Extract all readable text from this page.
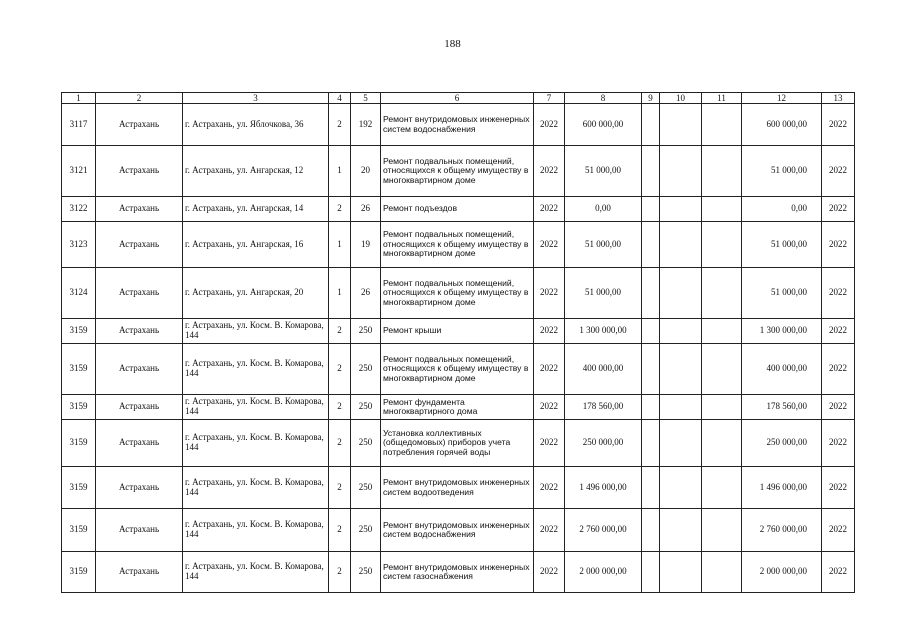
188
1	2	3	4	5	6	7	8	9	10	11	12	13
3117	Астрахань	г. Астрахань, ул. Яблочкова, 36	2	192	Ремонт внутридомовых инженерных систем водоснабжения	2022	600 000,00				600 000,00	2022
3121	Астрахань	г. Астрахань, ул. Ангарская, 12	1	20	Ремонт подвальных помещений, относящихся к общему имуществу в многоквартирном доме	2022	51 000,00				51 000,00	2022
3122	Астрахань	г. Астрахань, ул. Ангарская, 14	2	26	Ремонт подъездов	2022	0,00				0,00	2022
3123	Астрахань	г. Астрахань, ул. Ангарская, 16	1	19	Ремонт подвальных помещений, относящихся к общему имуществу в многоквартирном доме	2022	51 000,00				51 000,00	2022
3124	Астрахань	г. Астрахань, ул. Ангарская, 20	1	26	Ремонт подвальных помещений, относящихся к общему имуществу в многоквартирном доме	2022	51 000,00				51 000,00	2022
3159	Астрахань	г. Астрахань, ул. Косм. В. Комарова, 144	2	250	Ремонт крыши	2022	1 300 000,00				1 300 000,00	2022
3159	Астрахань	г. Астрахань, ул. Косм. В. Комарова, 144	2	250	Ремонт подвальных помещений, относящихся к общему имуществу в многоквартирном доме	2022	400 000,00				400 000,00	2022
3159	Астрахань	г. Астрахань, ул. Косм. В. Комарова, 144	2	250	Ремонт фундамента многоквартирного дома	2022	178 560,00				178 560,00	2022
3159	Астрахань	г. Астрахань, ул. Косм. В. Комарова, 144	2	250	Установка коллективных (общедомовых) приборов учета потребления горячей воды	2022	250 000,00				250 000,00	2022
3159	Астрахань	г. Астрахань, ул. Косм. В. Комарова, 144	2	250	Ремонт внутридомовых инженерных систем водоотведения	2022	1 496 000,00				1 496 000,00	2022
3159	Астрахань	г. Астрахань, ул. Косм. В. Комарова, 144	2	250	Ремонт внутридомовых инженерных систем водоснабжения	2022	2 760 000,00				2 760 000,00	2022
3159	Астрахань	г. Астрахань, ул. Косм. В. Комарова, 144	2	250	Ремонт внутридомовых инженерных систем газоснабжения	2022	2 000 000,00				2 000 000,00	2022
